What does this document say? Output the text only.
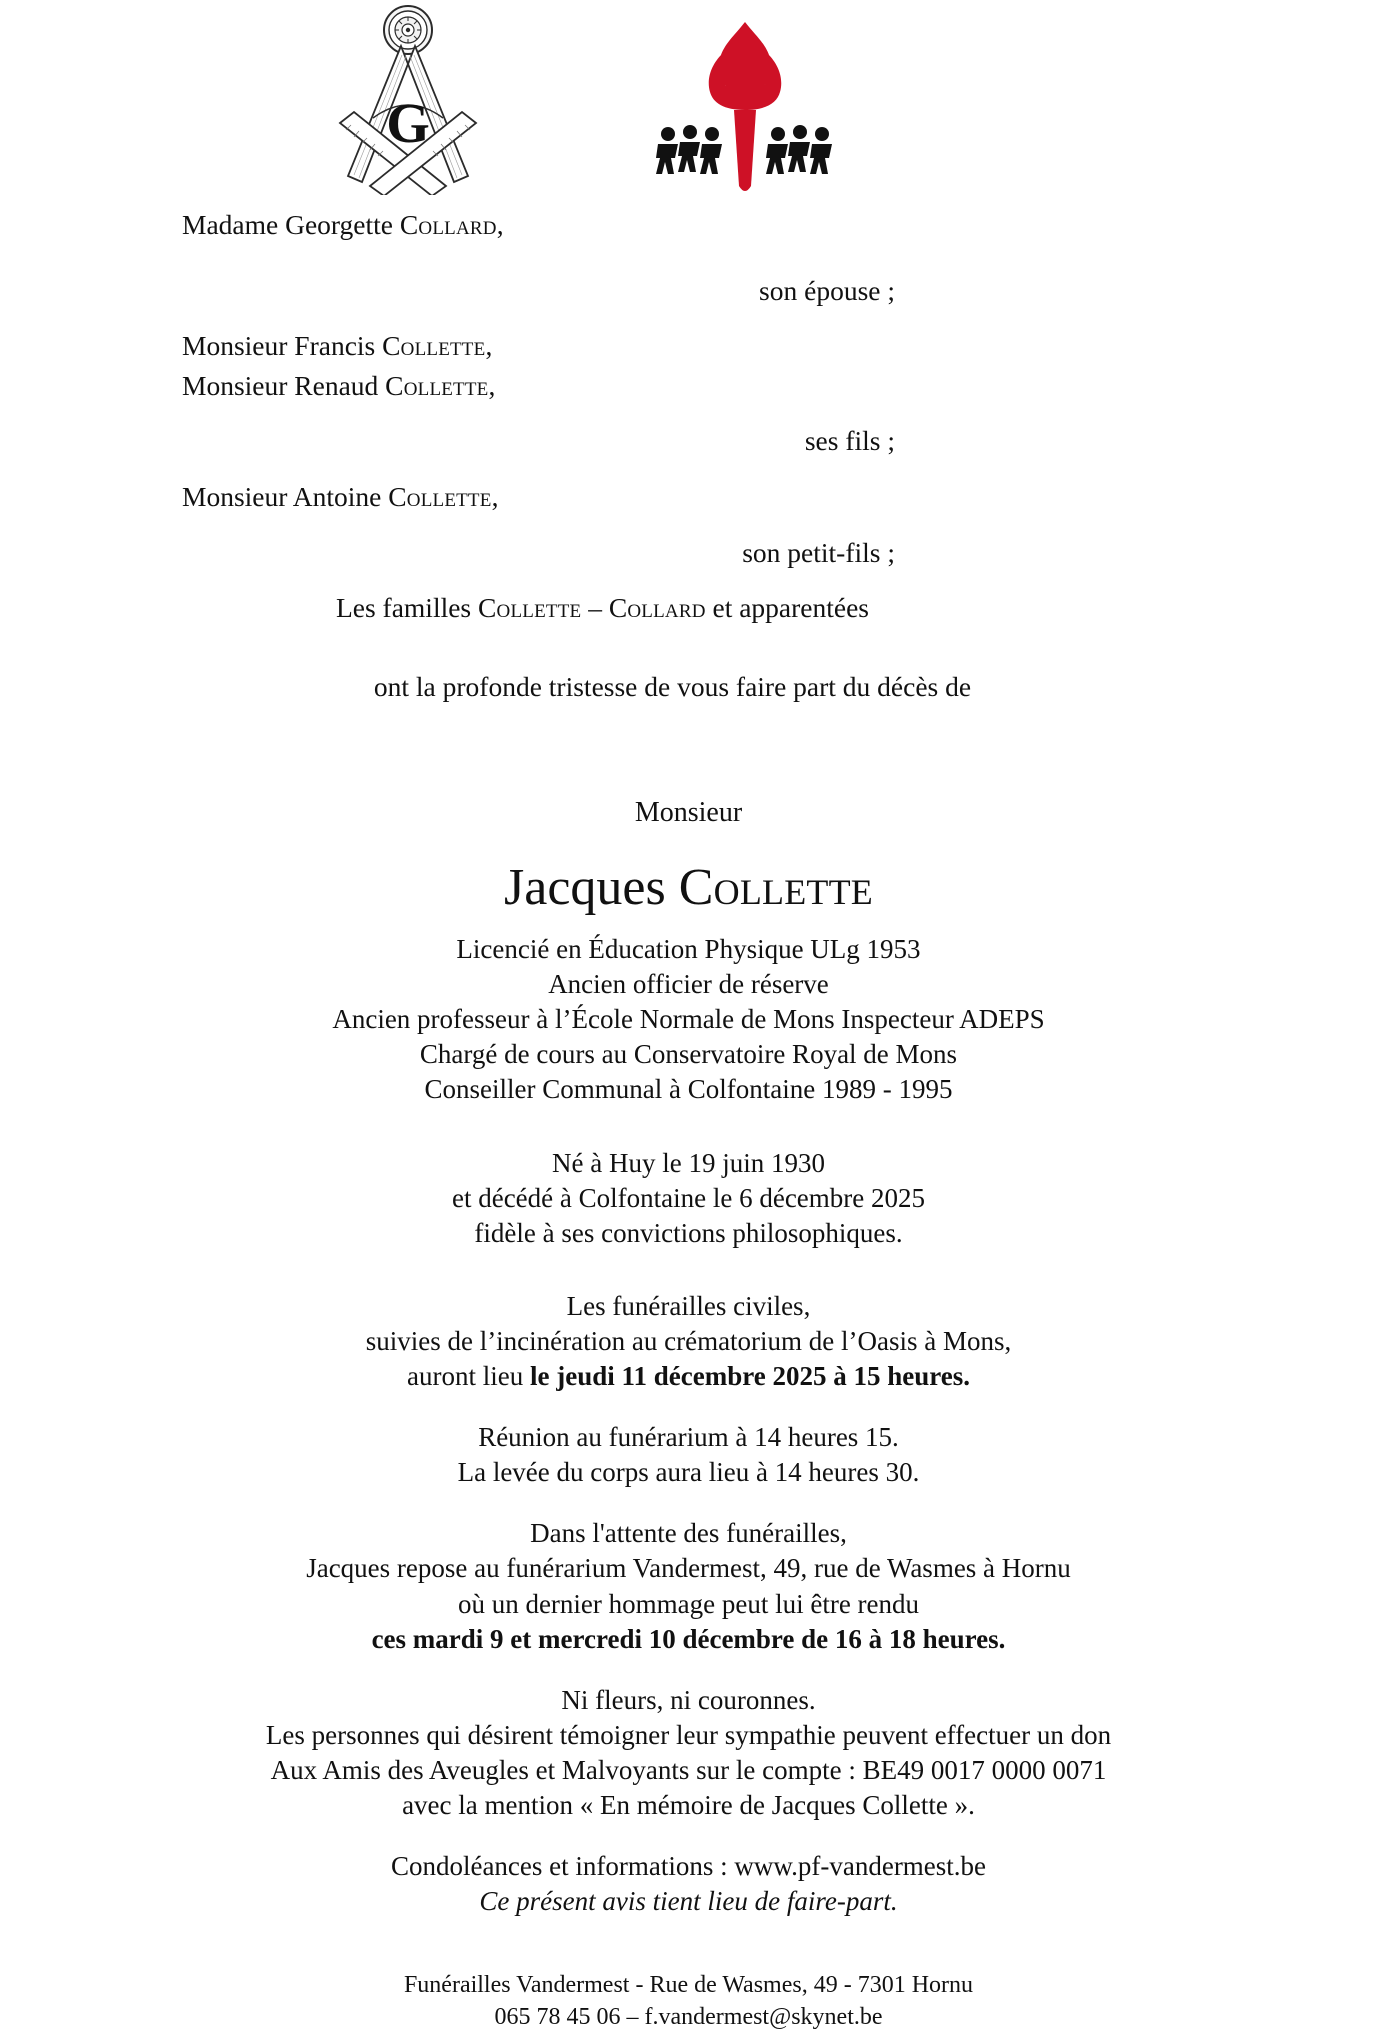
G

Madame Georgette Collard,

son épouse ;

Monsieur Francis Collette,

Monsieur Renaud Collette,

ses fils ;

Monsieur Antoine Collette,

son petit-fils ;

Les familles Collette – Collard et apparentées

ont la profonde tristesse de vous faire part du décès de

Monsieur

Jacques Collette

Licencié en Éducation Physique ULg 1953

Ancien officier de réserve

Ancien professeur à l’École Normale de Mons Inspecteur ADEPS

Chargé de cours au Conservatoire Royal de Mons

Conseiller Communal à Colfontaine 1989 - 1995

Né à Huy le 19 juin 1930

et décédé à Colfontaine le 6 décembre 2025

fidèle à ses convictions philosophiques.

Les funérailles civiles,

suivies de l’incinération au crématorium de l’Oasis à Mons,

auront lieu le jeudi 11 décembre 2025 à 15 heures.

Réunion au funérarium à 14 heures 15.

La levée du corps aura lieu à 14 heures 30.

Dans l'attente des funérailles,

Jacques repose au funérarium Vandermest, 49, rue de Wasmes à Hornu

où un dernier hommage peut lui être rendu

ces mardi 9 et mercredi 10 décembre de 16 à 18 heures.

Ni fleurs, ni couronnes.

Les personnes qui désirent témoigner leur sympathie peuvent effectuer un don

Aux Amis des Aveugles et Malvoyants sur le compte : BE49 0017 0000 0071

avec la mention « En mémoire de Jacques Collette ».

Condoléances et informations : www.pf-vandermest.be

Ce présent avis tient lieu de faire-part.

Funérailles Vandermest - Rue de Wasmes, 49 - 7301 Hornu

065 78 45 06 – f.vandermest@skynet.be
